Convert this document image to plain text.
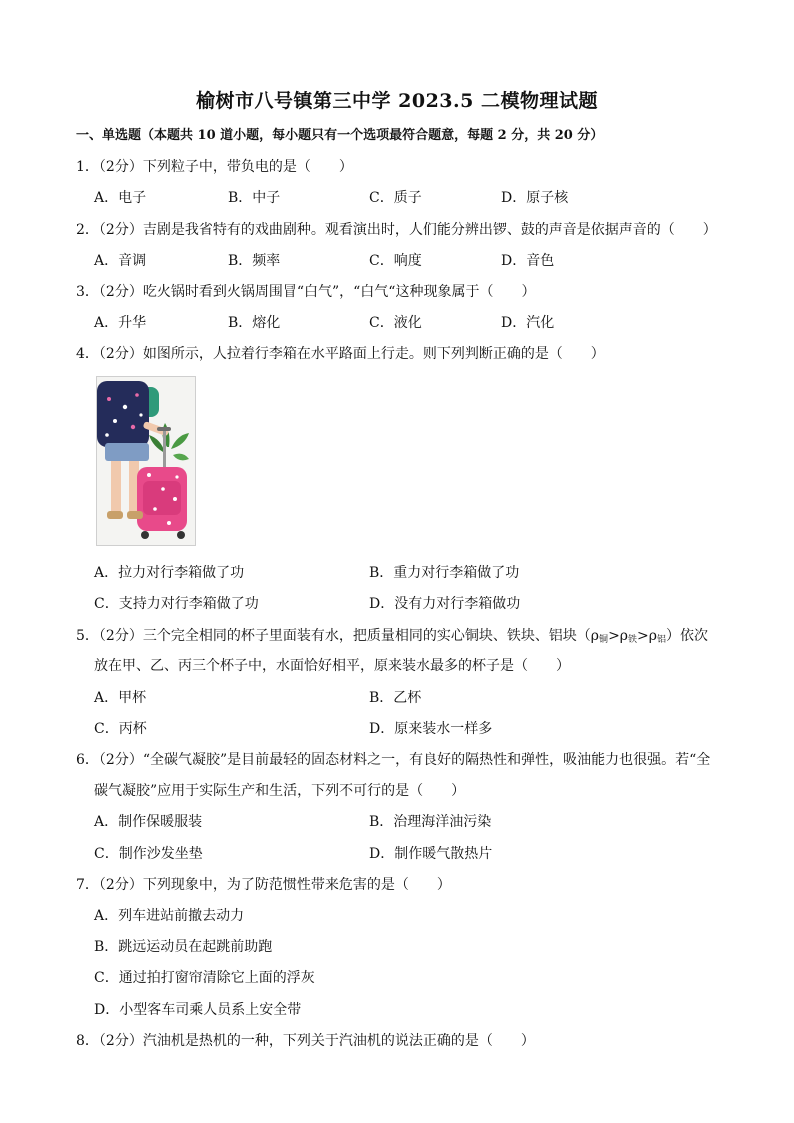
榆树市八号镇第三中学 2023.5 二模物理试题
一、单选题（本题共 10 道小题，每小题只有一个选项最符合题意，每题 2 分，共 20 分）
1．（2分）下列粒子中，带负电的是（　　）
A．电子	B．中子	C．质子	D．原子核
2．（2分）吉剧是我省特有的戏曲剧种。观看演出时，人们能分辨出锣、鼓的声音是依据声音的（　　）
A．音调	B．频率	C．响度	D．音色
3．（2分）吃火锅时看到火锅周围冒“白气”，“白气“这种现象属于（　　）
A．升华	B．熔化	C．液化	D．汽化
4．（2分）如图所示，人拉着行李箱在水平路面上行走。则下列判断正确的是（　　）
A．拉力对行李箱做了功	B．重力对行李箱做了功
C．支持力对行李箱做了功	D．没有力对行李箱做功
5．（2分）三个完全相同的杯子里面装有水，把质量相同的实心铜块、铁块、铝块$(\rho_铜>\rho_铁>\rho_铝)$依次
放在甲、乙、丙三个杯子中，水面恰好相平，原来装水最多的杯子是（　　）
A．甲杯	B．乙杯
C．丙杯	D．原来装水一样多
6．（2分）“全碳气凝胶”是目前最轻的固态材料之一，有良好的隔热性和弹性，吸油能力也很强。若“全
碳气凝胶”应用于实际生产和生活，下列不可行的是（　　）
A．制作保暖服装	B．治理海洋油污染
C．制作沙发坐垫	D．制作暖气散热片
7．（2分）下列现象中，为了防范惯性带来危害的是（　　）
A．列车进站前撤去动力
B．跳远运动员在起跳前助跑
C．通过拍打窗帘清除它上面的浮灰
D．小型客车司乘人员系上安全带
8．（2分）汽油机是热机的一种，下列关于汽油机的说法正确的是（　　）
